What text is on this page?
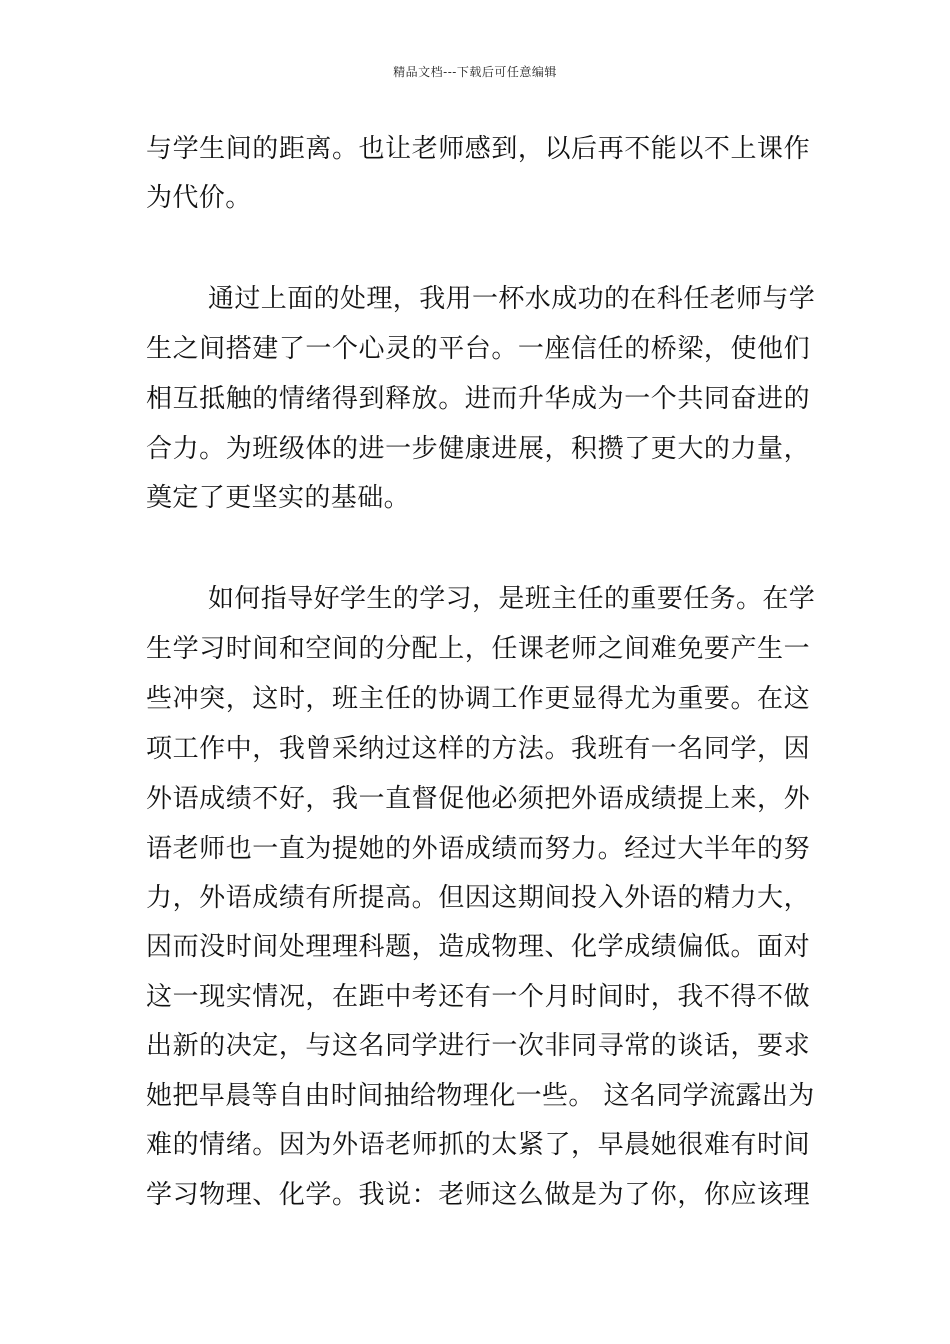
精品文档---下载后可任意编辑

与学生间的距离。也让老师感到，以后再不能以不上课作

为代价。

通过上面的处理，我用一杯水成功的在科任老师与学

生之间搭建了一个心灵的平台。一座信任的桥梁，使他们

相互抵触的情绪得到释放。进而升华成为一个共同奋进的

合力。为班级体的进一步健康进展，积攒了更大的力量，

奠定了更坚实的基础。

如何指导好学生的学习，是班主任的重要任务。在学

生学习时间和空间的分配上，任课老师之间难免要产生一

些冲突，这时，班主任的协调工作更显得尤为重要。在这

项工作中，我曾采纳过这样的方法。我班有一名同学，因

外语成绩不好，我一直督促他必须把外语成绩提上来，外

语老师也一直为提她的外语成绩而努力。经过大半年的努

力，外语成绩有所提高。但因这期间投入外语的精力大，

因而没时间处理理科题，造成物理、化学成绩偏低。面对

这一现实情况，在距中考还有一个月时间时，我不得不做

出新的决定，与这名同学进行一次非同寻常的谈话，要求

她把早晨等自由时间抽给物理化一些。 这名同学流露出为

难的情绪。因为外语老师抓的太紧了，早晨她很难有时间

学习物理、化学。我说：老师这么做是为了你，你应该理
